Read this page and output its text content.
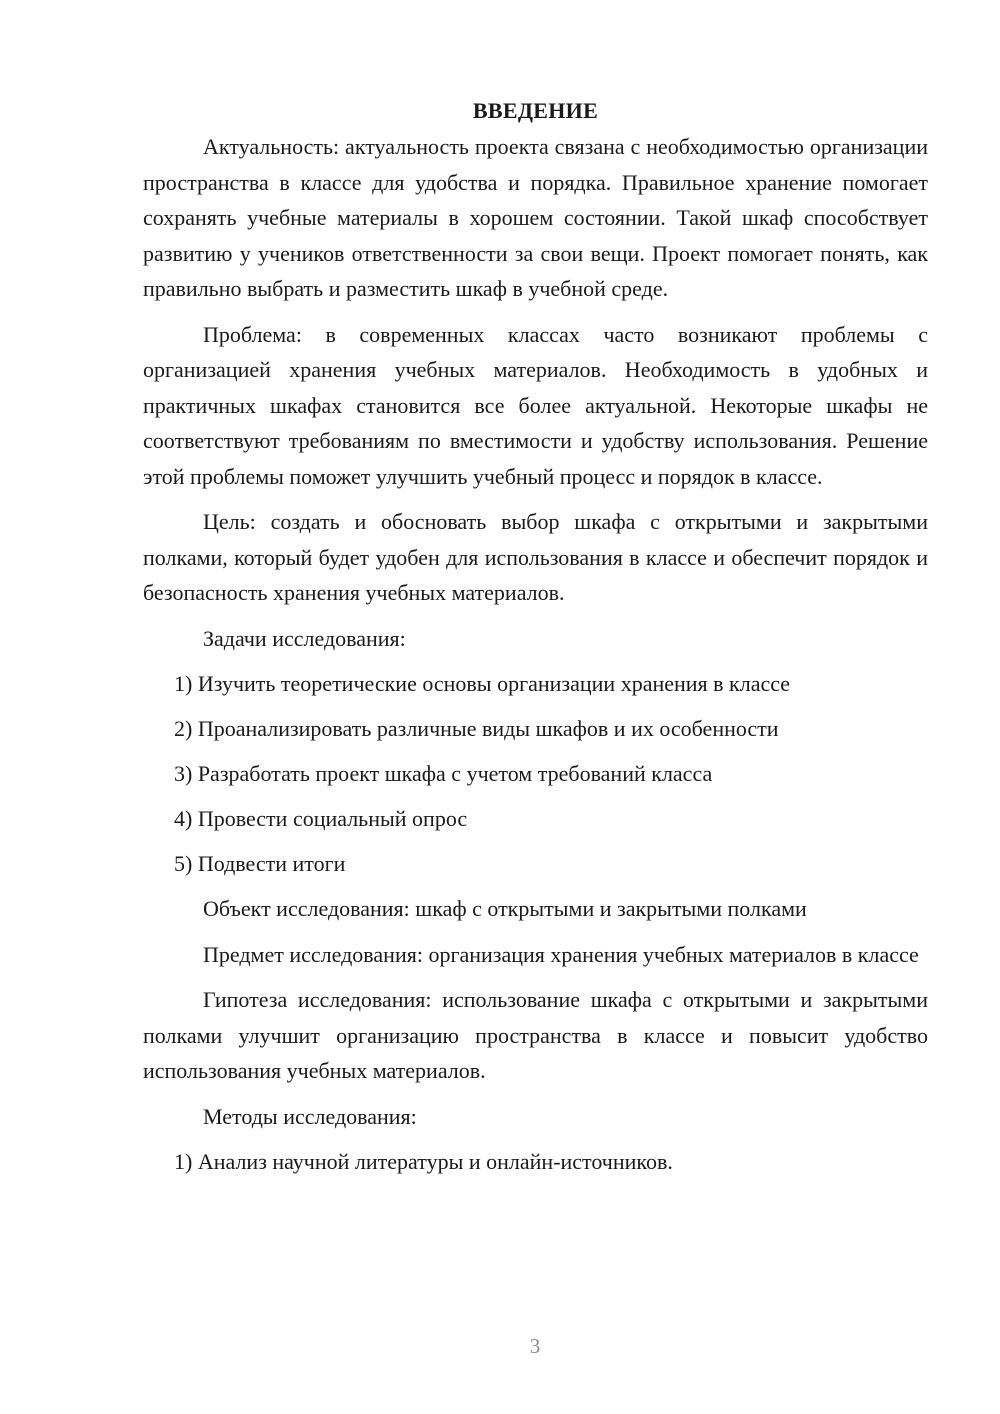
ВВЕДЕНИЕ

Актуальность: актуальность проекта связана с необходимостью организации пространства в классе для удобства и порядка. Правильное хранение помогает сохранять учебные материалы в хорошем состоянии. Такой шкаф способствует развитию у учеников ответственности за свои вещи. Проект помогает понять, как правильно выбрать и разместить шкаф в учебной среде.

Проблема: в современных классах часто возникают проблемы с организацией хранения учебных материалов. Необходимость в удобных и практичных шкафах становится все более актуальной. Некоторые шкафы не соответствуют требованиям по вместимости и удобству использования. Решение этой проблемы поможет улучшить учебный процесс и порядок в классе.

Цель: создать и обосновать выбор шкафа с открытыми и закрытыми полками, который будет удобен для использования в классе и обеспечит порядок и безопасность хранения учебных материалов.

Задачи исследования:

1) Изучить теоретические основы организации хранения в классе
2) Проанализировать различные виды шкафов и их особенности
3) Разработать проект шкафа с учетом требований класса
4) Провести социальный опрос
5) Подвести итоги

Объект исследования: шкаф с открытыми и закрытыми полками

Предмет исследования: организация хранения учебных материалов в классе

Гипотеза исследования: использование шкафа с открытыми и закрытыми полками улучшит организацию пространства в классе и повысит удобство использования учебных материалов.

Методы исследования:

1) Анализ научной литературы и онлайн-источников.
3
